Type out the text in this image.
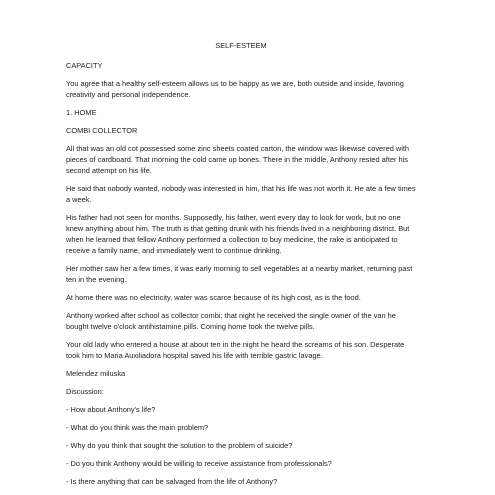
SELF-ESTEEM
CAPACITY
You agree that a healthy self-esteem allows us to be happy as we are, both outside and inside, favoring creativity and personal independence.
1. HOME
COMBI COLLECTOR
All that was an old cot possessed some zinc sheets coated carton, the window was likewise covered with pieces of cardboard. That morning the cold came up bones. There in the middle, Anthony rested after his second attempt on his life.
He said that nobody wanted, nobody was interested in him, that his life was not worth it. He ate a few times a week.
His father had not seen for months. Supposedly, his father, went every day to look for work, but no one knew anything about him. The truth is that getting drunk with his friends lived in a neighboring district. But when he learned that fellow Anthony performed a collection to buy medicine, the rake is anticipated to receive a family name, and immediately went to continue drinking.
Her mother saw her a few times, it was early morning to sell vegetables at a nearby market, returning past ten in the evening.
At home there was no electricity, water was scarce because of its high cost, as is the food.
Anthony worked after school as collector combi; that night he received the single owner of the van he bought twelve o'clock antihistamine pills. Coming home took the twelve pills.
Your old lady who entered a house at about ten in the night he heard the screams of his son. Desperate took him to Maria Auxiliadora hospital saved his life with terrible gastric lavage.
Melendez miluska
Discussion:
- How about Anthony's life?
- What do you think was the main problem?
- Why do you think that sought the solution to the problem of suicide?
- Do you think Anthony would be willing to receive assistance from professionals?
- Is there anything that can be salvaged from the life of Anthony?
